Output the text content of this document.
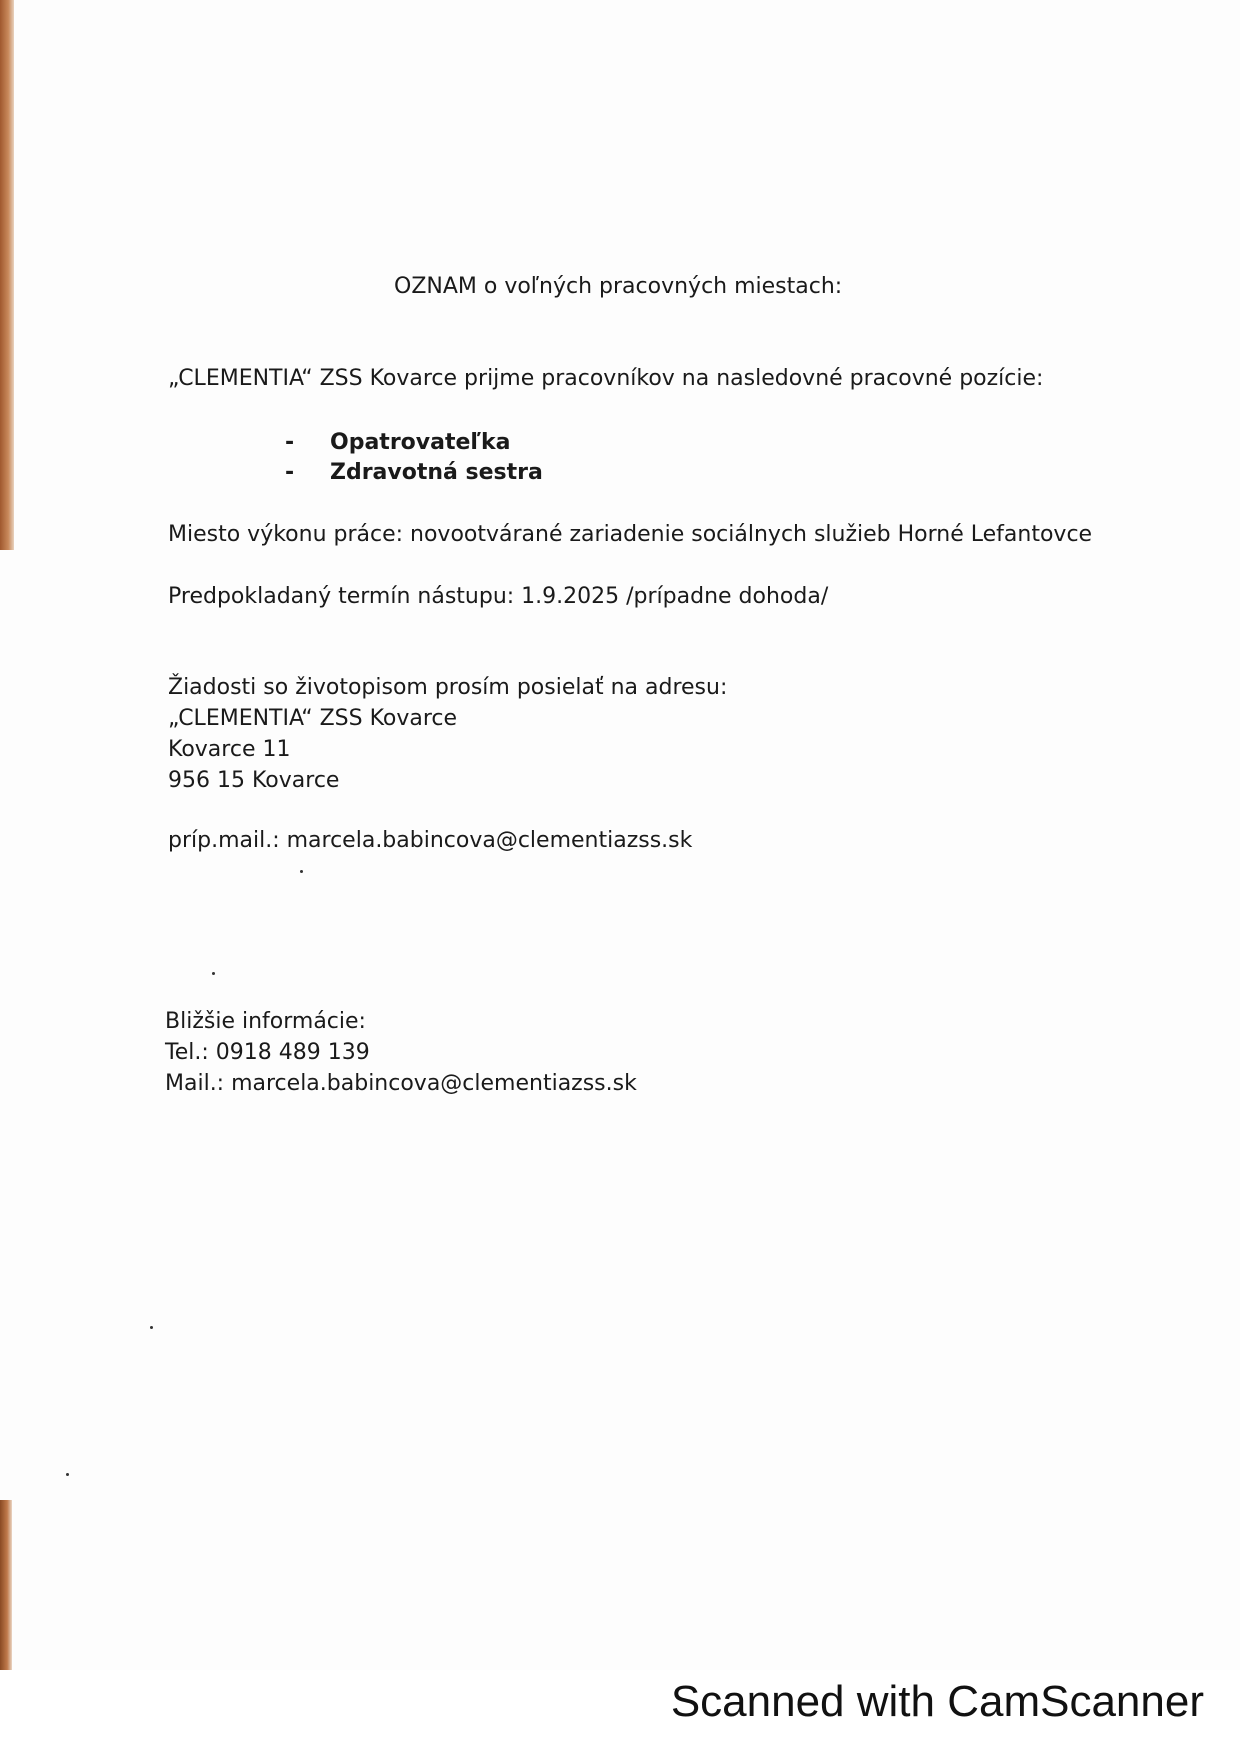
OZNAM o voľných pracovných miestach:
„CLEMENTIA“ ZSS Kovarce prijme pracovníkov na nasledovné pracovné pozície:
-	Opatrovateľka
-	Zdravotná sestra
Miesto výkonu práce: novootvárané zariadenie sociálnych služieb Horné Lefantovce
Predpokladaný termín nástupu: 1.9.2025 /prípadne dohoda/
Žiadosti so životopisom prosím posielať na adresu:
„CLEMENTIA“ ZSS Kovarce
Kovarce 11
956 15 Kovarce
príp.mail.: marcela.babincova@clementiazss.sk
Bližšie informácie:
Tel.: 0918 489 139
Mail.: marcela.babincova@clementiazss.sk
Scanned with CamScanner
